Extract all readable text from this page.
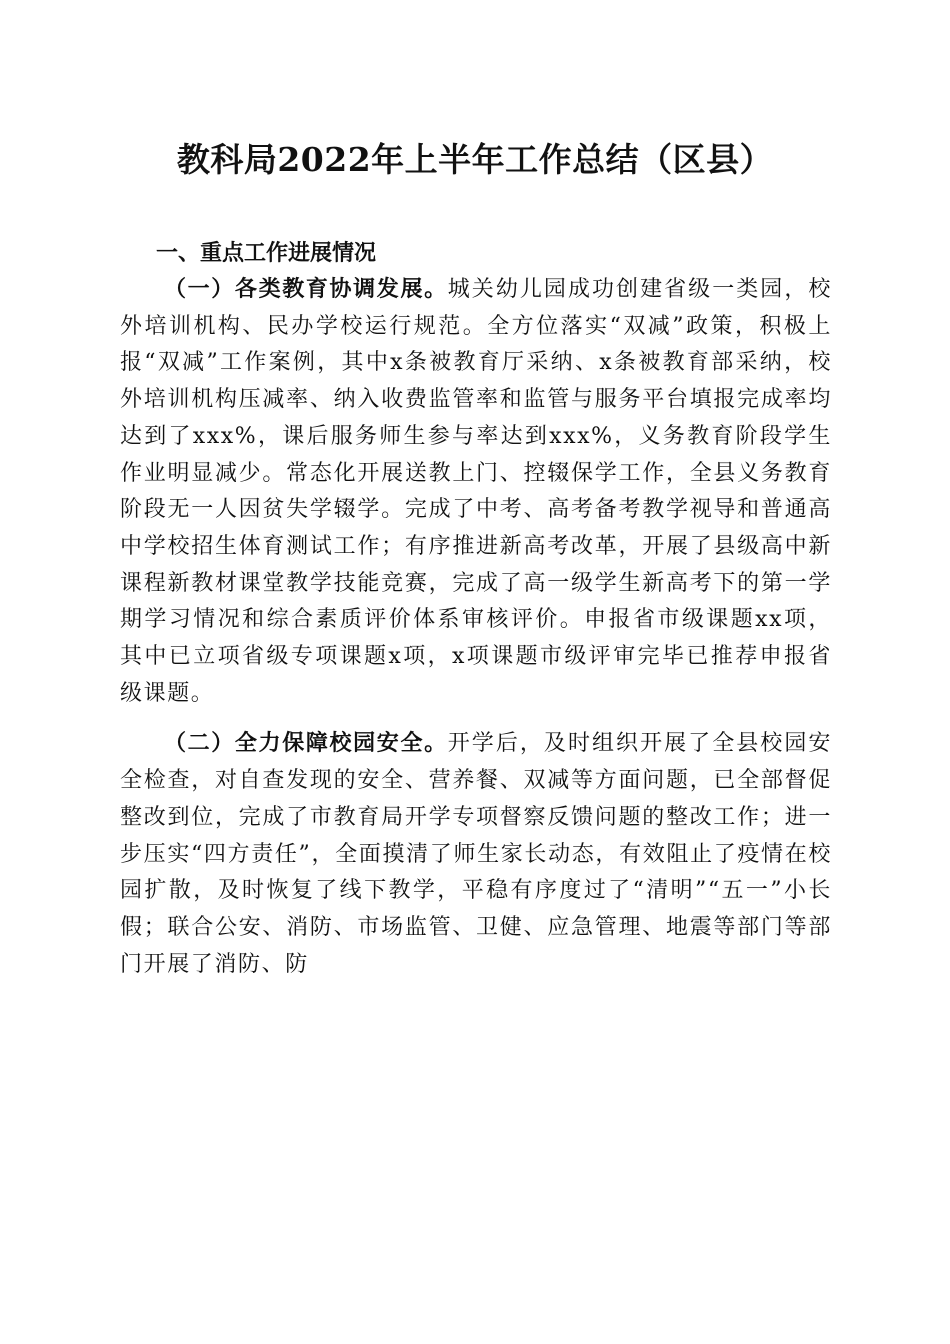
教科局2022年上半年工作总结（区县）
一、重点工作进展情况

（一）各类教育协调发展。城关幼儿园成功创建省级一类园，校外培训机构、民办学校运行规范。全方位落实“双减”政策，积极上报“双减”工作案例，其中x条被教育厅采纳、x条被教育部采纳，校外培训机构压减率、纳入收费监管率和监管与服务平台填报完成率均达到了xxx%，课后服务师生参与率达到xxx%，义务教育阶段学生作业明显减少。常态化开展送教上门、控辍保学工作，全县义务教育阶段无一人因贫失学辍学。完成了中考、高考备考教学视导和普通高中学校招生体育测试工作；有序推进新高考改革，开展了县级高中新课程新教材课堂教学技能竞赛，完成了高一级学生新高考下的第一学期学习情况和综合素质评价体系审核评价。申报省市级课题xx项，其中已立项省级专项课题x项，x项课题市级评审完毕已推荐申报省级课题。

（二）全力保障校园安全。开学后，及时组织开展了全县校园安全检查，对自查发现的安全、营养餐、双减等方面问题，已全部督促整改到位，完成了市教育局开学专项督察反馈问题的整改工作；进一步压实“四方责任”，全面摸清了师生家长动态，有效阻止了疫情在校园扩散，及时恢复了线下教学，平稳有序度过了“清明”“五一”小长假；联合公安、消防、市场监管、卫健、应急管理、地震等部门等部门开展了消防、防
